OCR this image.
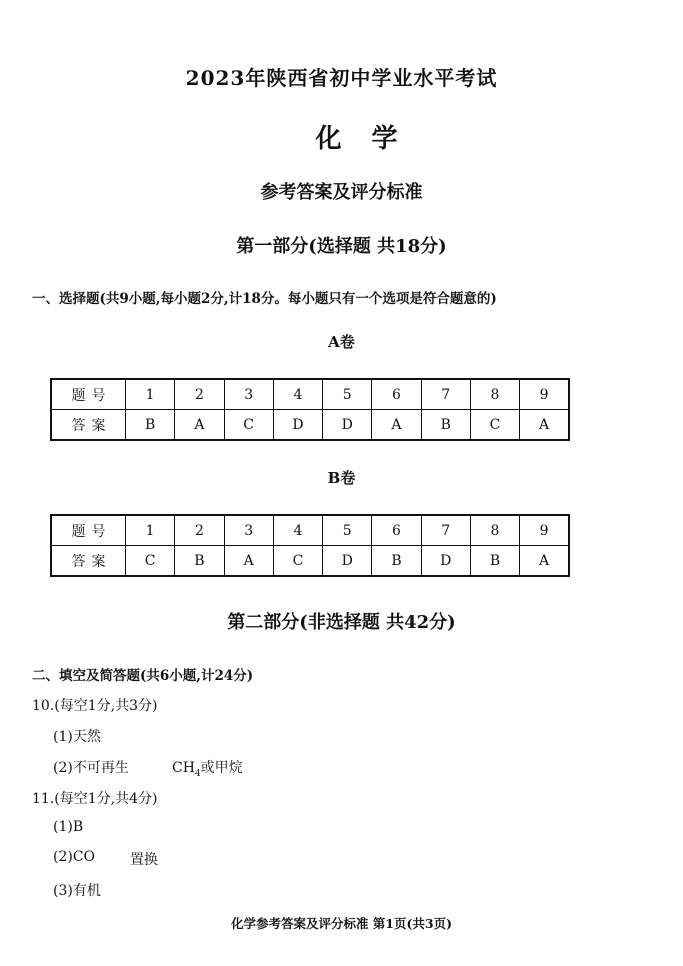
2023年陕西省初中学业水平考试
化学
参考答案及评分标准
第一部分(选择题 共18分)
一、选择题(共9小题,每小题2分,计18分。每小题只有一个选项是符合题意的)
A卷
题号	1	2	3	4	5	6	7	8	9
答案	B	A	C	D	D	A	B	C	A
B卷
题号	1	2	3	4	5	6	7	8	9
答案	C	B	A	C	D	B	D	B	A
第二部分(非选择题 共42分)
二、填空及简答题(共6小题,计24分)
10.(每空1分,共3分)
(1)天然
(2)不可再生	$CH_4$或甲烷
11.(每空1分,共4分)
(1)B
(2)CO 置换
(3)有机
化学参考答案及评分标准 第1页(共3页)
